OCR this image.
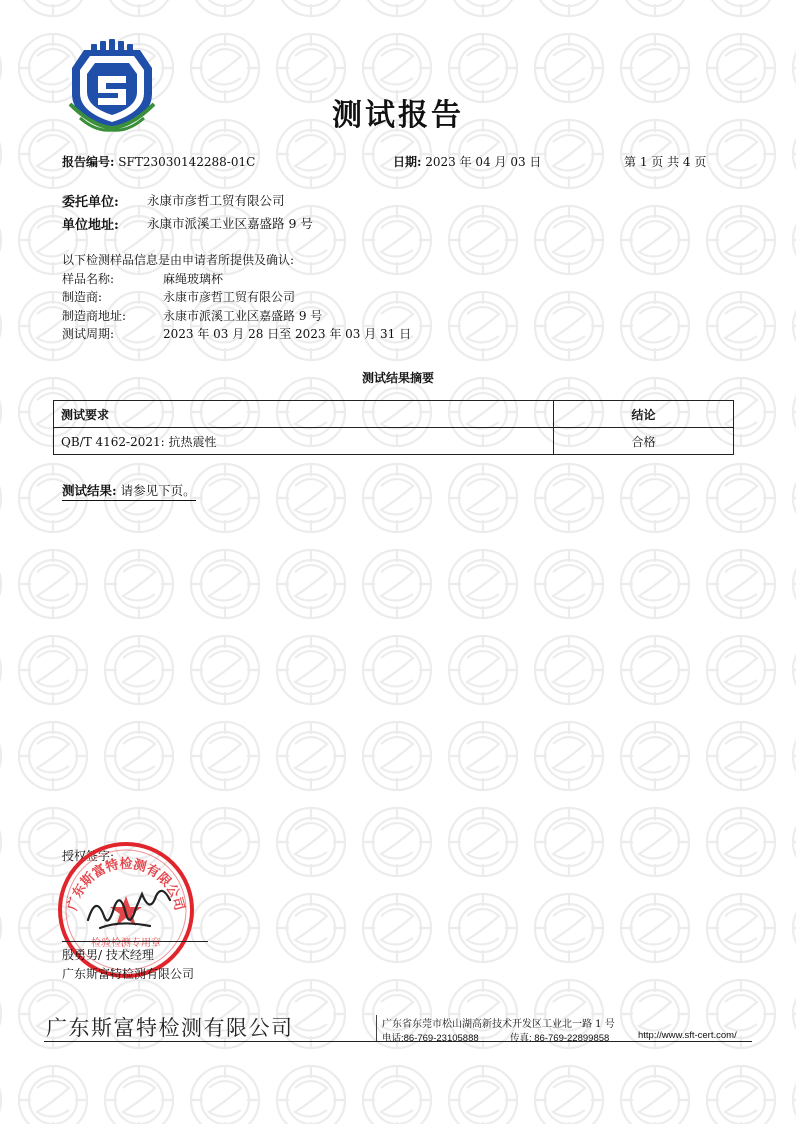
测试报告
报告编号: SFT23030142288-01C	日期: 2023 年 04 月 03 日	第 1 页 共 4 页
委托单位: 永康市彦哲工贸有限公司
单位地址: 永康市派溪工业区嘉盛路 9 号
以下检测样品信息是由申请者所提供及确认:
样品名称:	麻绳玻璃杯
制造商:	永康市彦哲工贸有限公司
制造商地址:	永康市派溪工业区嘉盛路 9 号
测试周期:	2023 年 03 月 28 日至 2023 年 03 月 31 日
测试结果摘要
测试要求	结论
QB/T 4162-2021: 抗热震性	合格
测试结果: 请参见下页。
授权签字:
广东斯富特检测有限公司
检验检测专用章
殷勇男/ 技术经理
广东斯富特检测有限公司
广东斯富特检测有限公司	广东省东莞市松山湖高新技术开发区工业北一路 1 号
电话:86-769-23105888	传真: 86-769-22899858	http://www.sft-cert.com/
